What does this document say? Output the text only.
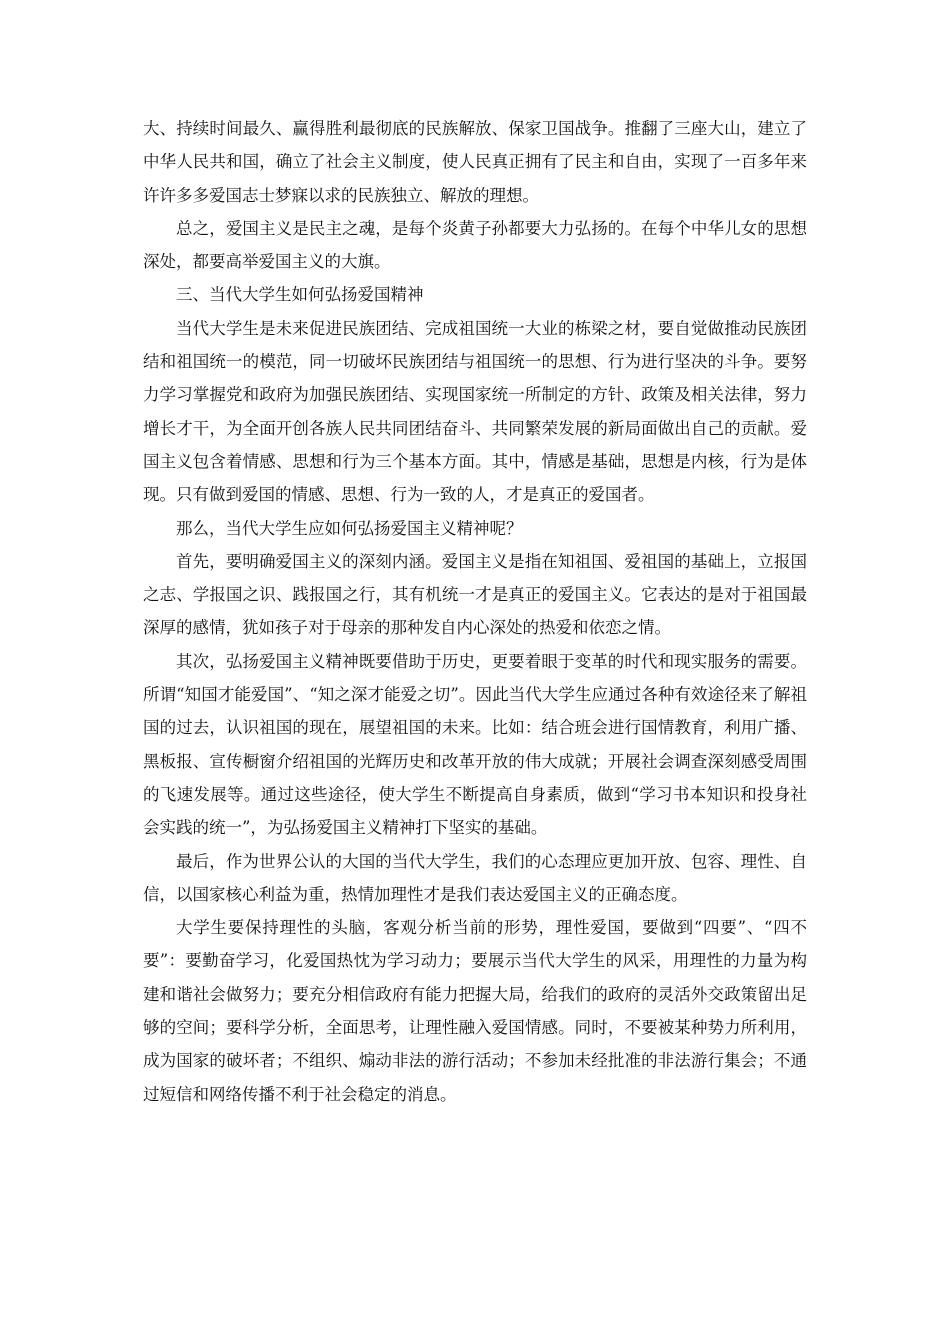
大、持续时间最久、赢得胜利最彻底的民族解放、保家卫国战争。推翻了三座大山，建立了中华人民共和国，确立了社会主义制度，使人民真正拥有了民主和自由，实现了一百多年来许许多多爱国志士梦寐以求的民族独立、解放的理想。

总之，爱国主义是民主之魂，是每个炎黄子孙都要大力弘扬的。在每个中华儿女的思想深处，都要高举爱国主义的大旗。

三、当代大学生如何弘扬爱国精神

当代大学生是未来促进民族团结、完成祖国统一大业的栋梁之材，要自觉做推动民族团结和祖国统一的模范，同一切破坏民族团结与祖国统一的思想、行为进行坚决的斗争。要努力学习掌握党和政府为加强民族团结、实现国家统一所制定的方针、政策及相关法律，努力增长才干，为全面开创各族人民共同团结奋斗、共同繁荣发展的新局面做出自己的贡献。爱国主义包含着情感、思想和行为三个基本方面。其中，情感是基础，思想是内核，行为是体现。只有做到爱国的情感、思想、行为一致的人，才是真正的爱国者。

那么，当代大学生应如何弘扬爱国主义精神呢？

首先，要明确爱国主义的深刻内涵。爱国主义是指在知祖国、爱祖国的基础上，立报国之志、学报国之识、践报国之行，其有机统一才是真正的爱国主义。它表达的是对于祖国最深厚的感情，犹如孩子对于母亲的那种发自内心深处的热爱和依恋之情。

其次，弘扬爱国主义精神既要借助于历史，更要着眼于变革的时代和现实服务的需要。所谓“知国才能爱国”、“知之深才能爱之切”。因此当代大学生应通过各种有效途径来了解祖国的过去，认识祖国的现在，展望祖国的未来。比如：结合班会进行国情教育，利用广播、黑板报、宣传橱窗介绍祖国的光辉历史和改革开放的伟大成就；开展社会调查深刻感受周围的飞速发展等。通过这些途径，使大学生不断提高自身素质，做到“学习书本知识和投身社会实践的统一”，为弘扬爱国主义精神打下坚实的基础。

最后，作为世界公认的大国的当代大学生，我们的心态理应更加开放、包容、理性、自信，以国家核心利益为重，热情加理性才是我们表达爱国主义的正确态度。

大学生要保持理性的头脑，客观分析当前的形势，理性爱国，要做到“四要”、“四不要”：要勤奋学习，化爱国热忱为学习动力；要展示当代大学生的风采，用理性的力量为构建和谐社会做努力；要充分相信政府有能力把握大局，给我们的政府的灵活外交政策留出足够的空间；要科学分析，全面思考，让理性融入爱国情感。同时，不要被某种势力所利用，成为国家的破坏者；不组织、煽动非法的游行活动；不参加未经批准的非法游行集会；不通过短信和网络传播不利于社会稳定的消息。
